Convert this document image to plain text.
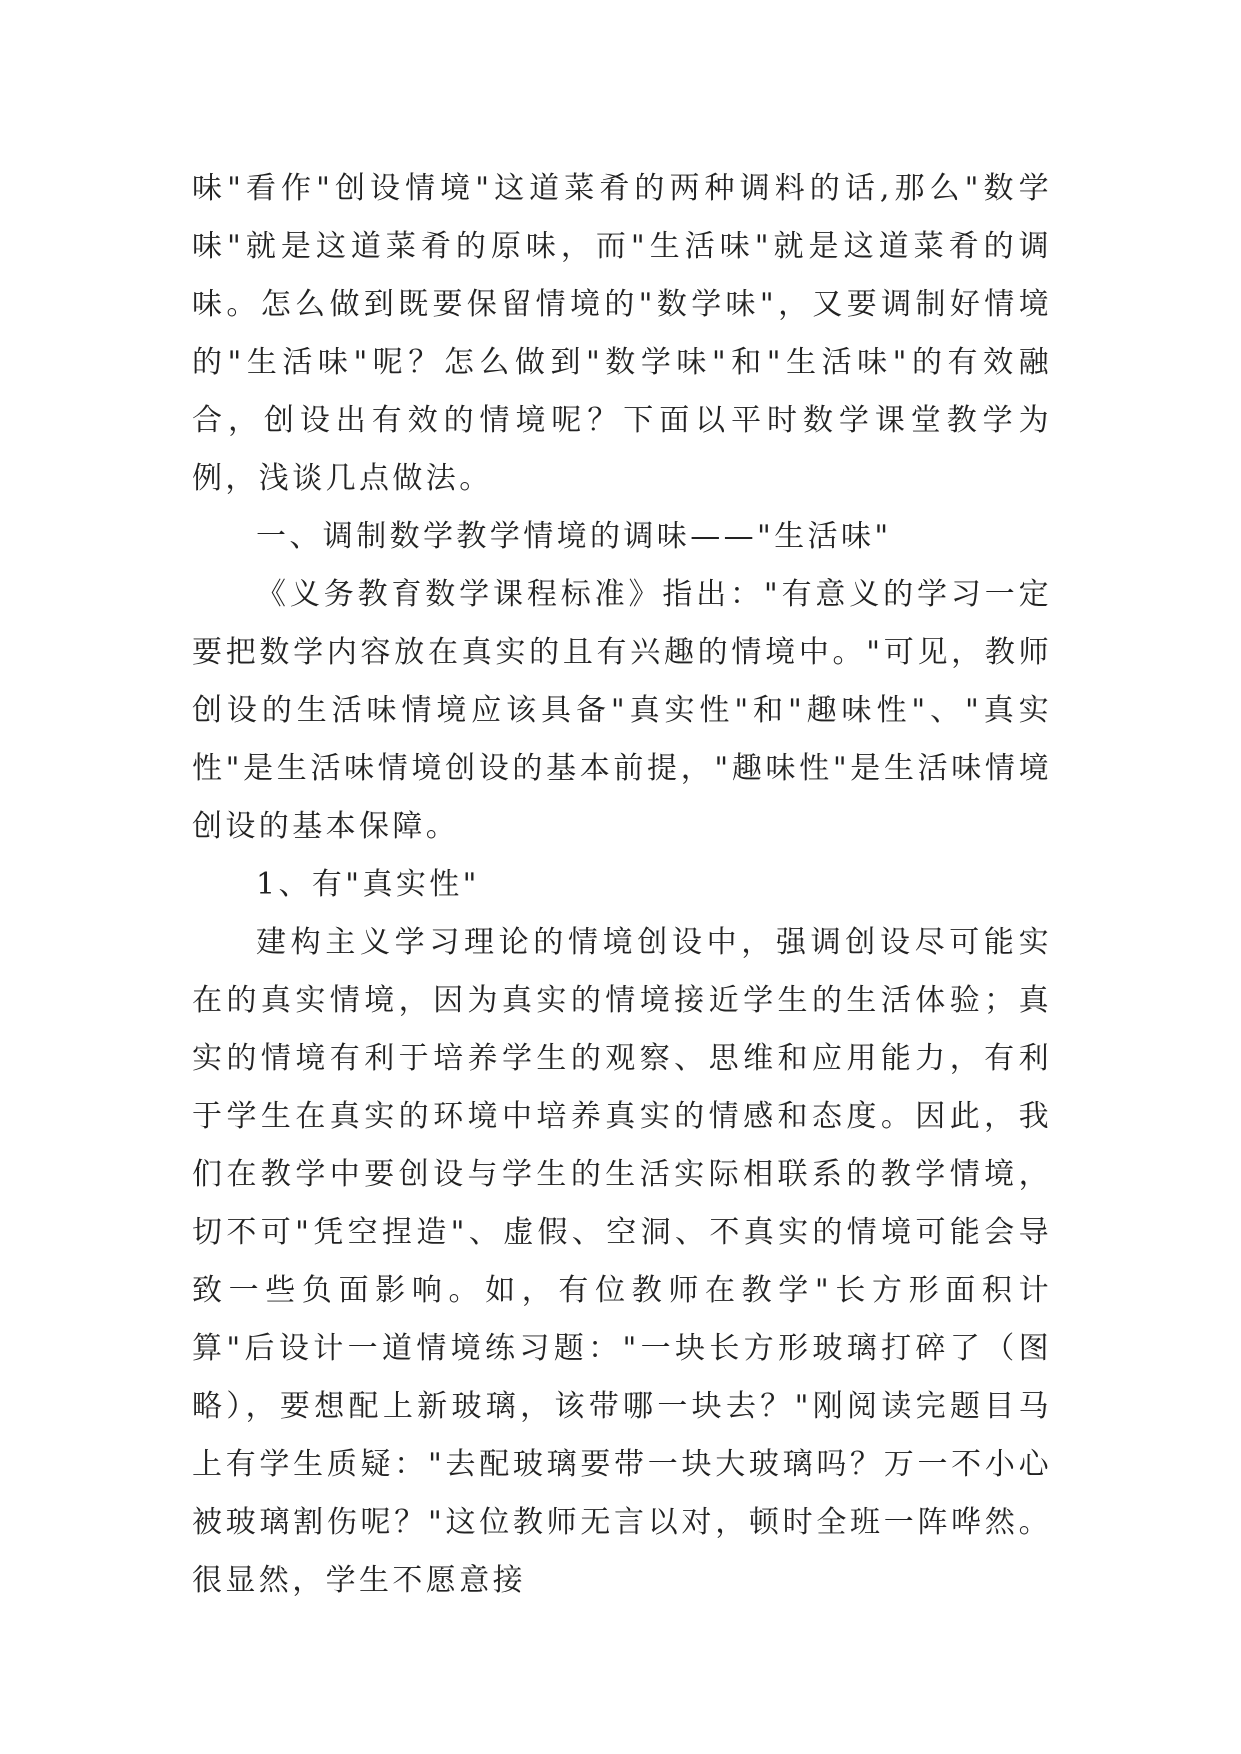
味"看作"创设情境"这道菜肴的两种调料的话,那么"数学味"就是这道菜肴的原味，而"生活味"就是这道菜肴的调味。怎么做到既要保留情境的"数学味"，又要调制好情境的"生活味"呢？怎么做到"数学味"和"生活味"的有效融合，创设出有效的情境呢？下面以平时数学课堂教学为例，浅谈几点做法。

一、调制数学教学情境的调味——"生活味"

《义务教育数学课程标准》指出："有意义的学习一定要把数学内容放在真实的且有兴趣的情境中。"可见，教师创设的生活味情境应该具备"真实性"和"趣味性"、"真实性"是生活味情境创设的基本前提，"趣味性"是生活味情境创设的基本保障。

1、有"真实性"

建构主义学习理论的情境创设中，强调创设尽可能实在的真实情境，因为真实的情境接近学生的生活体验；真实的情境有利于培养学生的观察、思维和应用能力，有利于学生在真实的环境中培养真实的情感和态度。因此，我们在教学中要创设与学生的生活实际相联系的教学情境，切不可"凭空捏造"、虚假、空洞、不真实的情境可能会导致一些负面影响。如，有位教师在教学"长方形面积计算"后设计一道情境练习题："一块长方形玻璃打碎了（图略），要想配上新玻璃，该带哪一块去？"刚阅读完题目马上有学生质疑："去配玻璃要带一块大玻璃吗？万一不小心被玻璃割伤呢？"这位教师无言以对，顿时全班一阵哗然。很显然，学生不愿意接
